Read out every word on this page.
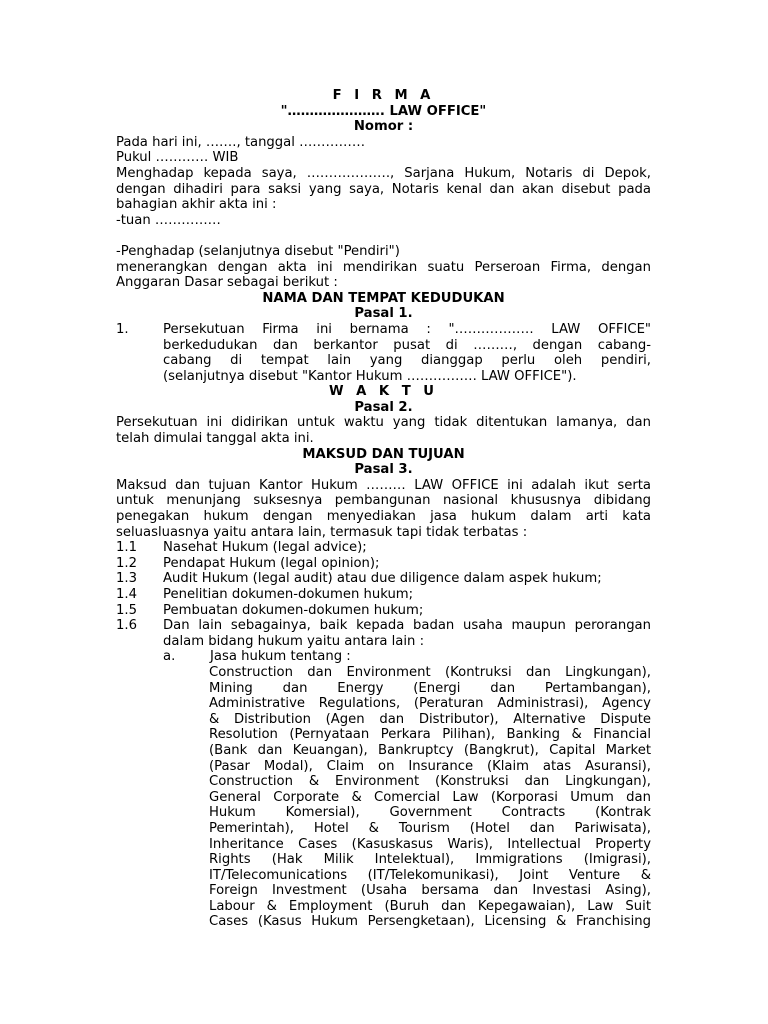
F I R M A
"…………………. LAW OFFICE"
Nomor :
Pada hari ini, ……., tanggal ……………
Pukul ………… WIB
Menghadap kepada saya, ………………., Sarjana Hukum, Notaris di Depok,
dengan dihadiri para saksi yang saya, Notaris kenal dan akan disebut pada
bahagian akhir akta ini :
-tuan ……………
-Penghadap (selanjutnya disebut "Pendiri")
menerangkan dengan akta ini mendirikan suatu Perseroan Firma, dengan
Anggaran Dasar sebagai berikut :
NAMA DAN TEMPAT KEDUDUKAN
Pasal 1.
1.	Persekutuan Firma ini bernama : "……………… LAW OFFICE"
berkedudukan dan berkantor pusat di ………, dengan cabang-
cabang di tempat lain yang dianggap perlu oleh pendiri,
(selanjutnya disebut "Kantor Hukum ……………. LAW OFFICE").
W A K T U
Pasal 2.
Persekutuan ini didirikan untuk waktu yang tidak ditentukan lamanya, dan
telah dimulai tanggal akta ini.
MAKSUD DAN TUJUAN
Pasal 3.
Maksud dan tujuan Kantor Hukum ……… LAW OFFICE ini adalah ikut serta
untuk menunjang suksesnya pembangunan nasional khususnya dibidang
penegakan hukum dengan menyediakan jasa hukum dalam arti kata
seluasluasnya yaitu antara lain, termasuk tapi tidak terbatas :
1.1	Nasehat Hukum (legal advice);
1.2	Pendapat Hukum (legal opinion);
1.3	Audit Hukum (legal audit) atau due diligence dalam aspek hukum;
1.4	Penelitian dokumen-dokumen hukum;
1.5	Pembuatan dokumen-dokumen hukum;
1.6	Dan lain sebagainya, baik kepada badan usaha maupun perorangan
dalam bidang hukum yaitu antara lain :
a.	Jasa hukum tentang :
Construction dan Environment (Kontruksi dan Lingkungan),
Mining dan Energy (Energi dan Pertambangan),
Administrative Regulations, (Peraturan Administrasi), Agency
& Distribution (Agen dan Distributor), Alternative Dispute
Resolution (Pernyataan Perkara Pilihan), Banking & Financial
(Bank dan Keuangan), Bankruptcy (Bangkrut), Capital Market
(Pasar Modal), Claim on Insurance (Klaim atas Asuransi),
Construction & Environment (Konstruksi dan Lingkungan),
General Corporate & Comercial Law (Korporasi Umum dan
Hukum Komersial), Government Contracts (Kontrak
Pemerintah), Hotel & Tourism (Hotel dan Pariwisata),
Inheritance Cases (Kasuskasus Waris), Intellectual Property
Rights (Hak Milik Intelektual), Immigrations (Imigrasi),
IT/Telecomunications (IT/Telekomunikasi), Joint Venture &
Foreign Investment (Usaha bersama dan Investasi Asing),
Labour & Employment (Buruh dan Kepegawaian), Law Suit
Cases (Kasus Hukum Persengketaan), Licensing & Franchising
